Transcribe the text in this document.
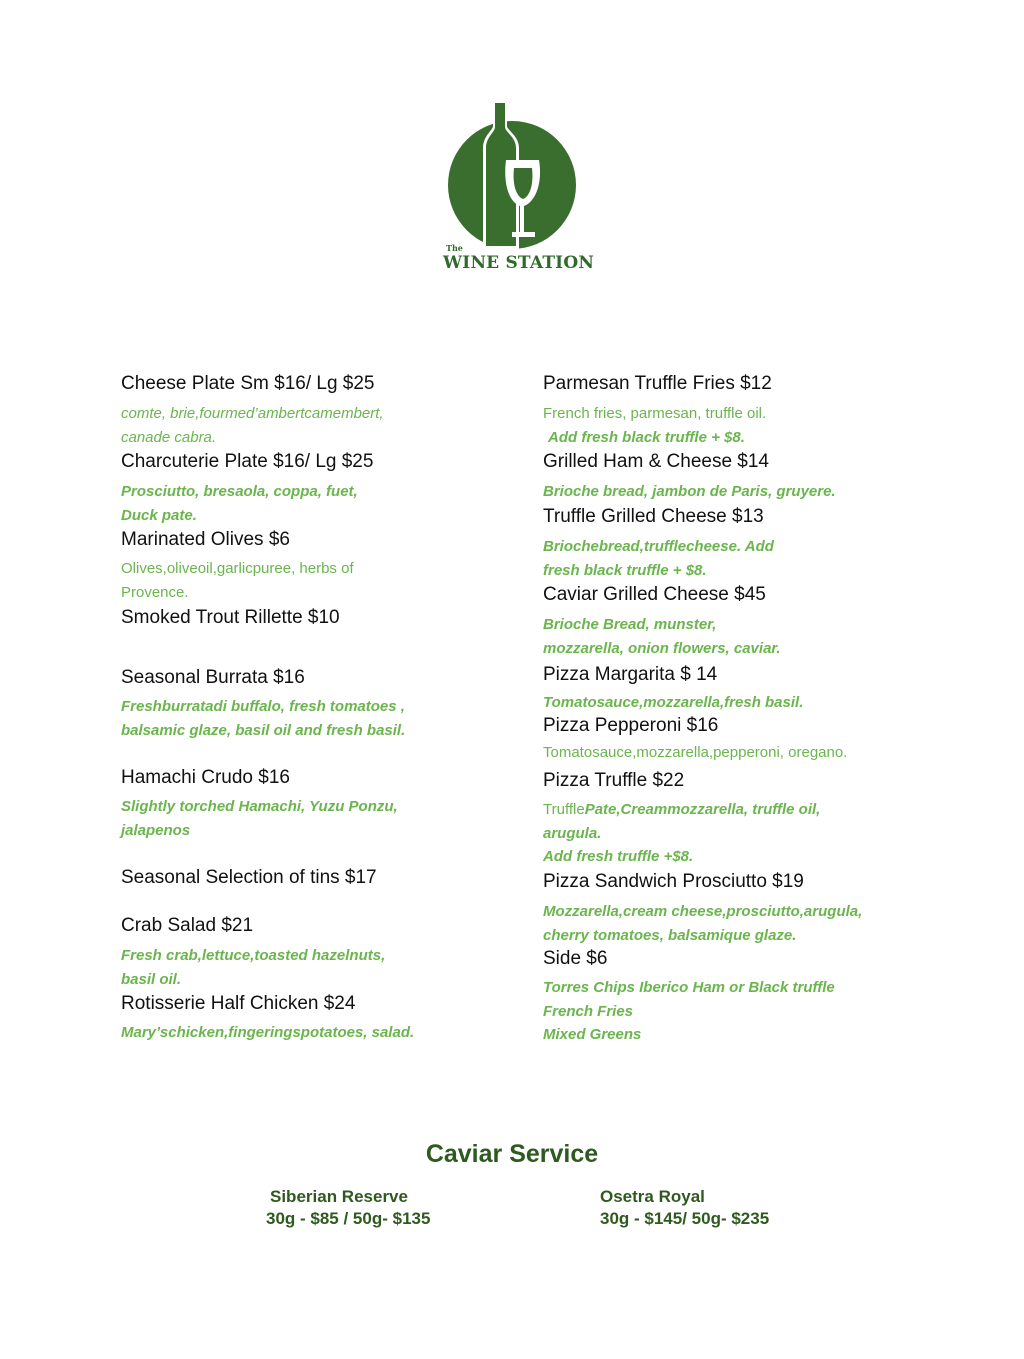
The
WINE STATION
Cheese Plate Sm $16/ Lg $25
comte, brie,fourmed’ambertcamembert,
canade cabra.
Charcuterie Plate $16/ Lg $25
Prosciutto, bresaola, coppa, fuet,
Duck pate.
Marinated Olives $6
Olives,oliveoil,garlicpuree, herbs of
Provence.
Smoked Trout Rillette $10
Seasonal Burrata $16
Freshburratadi buffalo, fresh tomatoes ,
balsamic glaze, basil oil and fresh basil.
Hamachi Crudo $16
Slightly torched Hamachi, Yuzu Ponzu,
jalapenos
Seasonal Selection of tins $17
Crab Salad $21
Fresh crab,lettuce,toasted hazelnuts,
basil oil.
Rotisserie Half Chicken $24
Mary’schicken,fingeringspotatoes, salad.
Parmesan Truffle Fries $12
French fries, parmesan, truffle oil.
Add fresh black truffle + $8.
Grilled Ham & Cheese $14
Brioche bread, jambon de Paris, gruyere.
Truffle Grilled Cheese $13
Briochebread,trufflecheese. Add
fresh black truffle + $8.
Caviar Grilled Cheese $45
Brioche Bread, munster,
mozzarella, onion flowers, caviar.
Pizza Margarita $ 14
Tomatosauce,mozzarella,fresh basil.
Pizza Pepperoni $16
Tomatosauce,mozzarella,pepperoni, oregano.
Pizza Truffle $22
TrufflePate,Creammozzarella, truffle oil,
arugula.
Add fresh truffle +$8.
Pizza Sandwich Prosciutto $19
Mozzarella,cream cheese,prosciutto,arugula,
cherry tomatoes, balsamique glaze.
Side $6
Torres Chips Iberico Ham or Black truffle
French Fries
Mixed Greens
Caviar Service
Siberian Reserve
30g - $85 / 50g- $135
Osetra Royal
30g - $145/ 50g- $235
